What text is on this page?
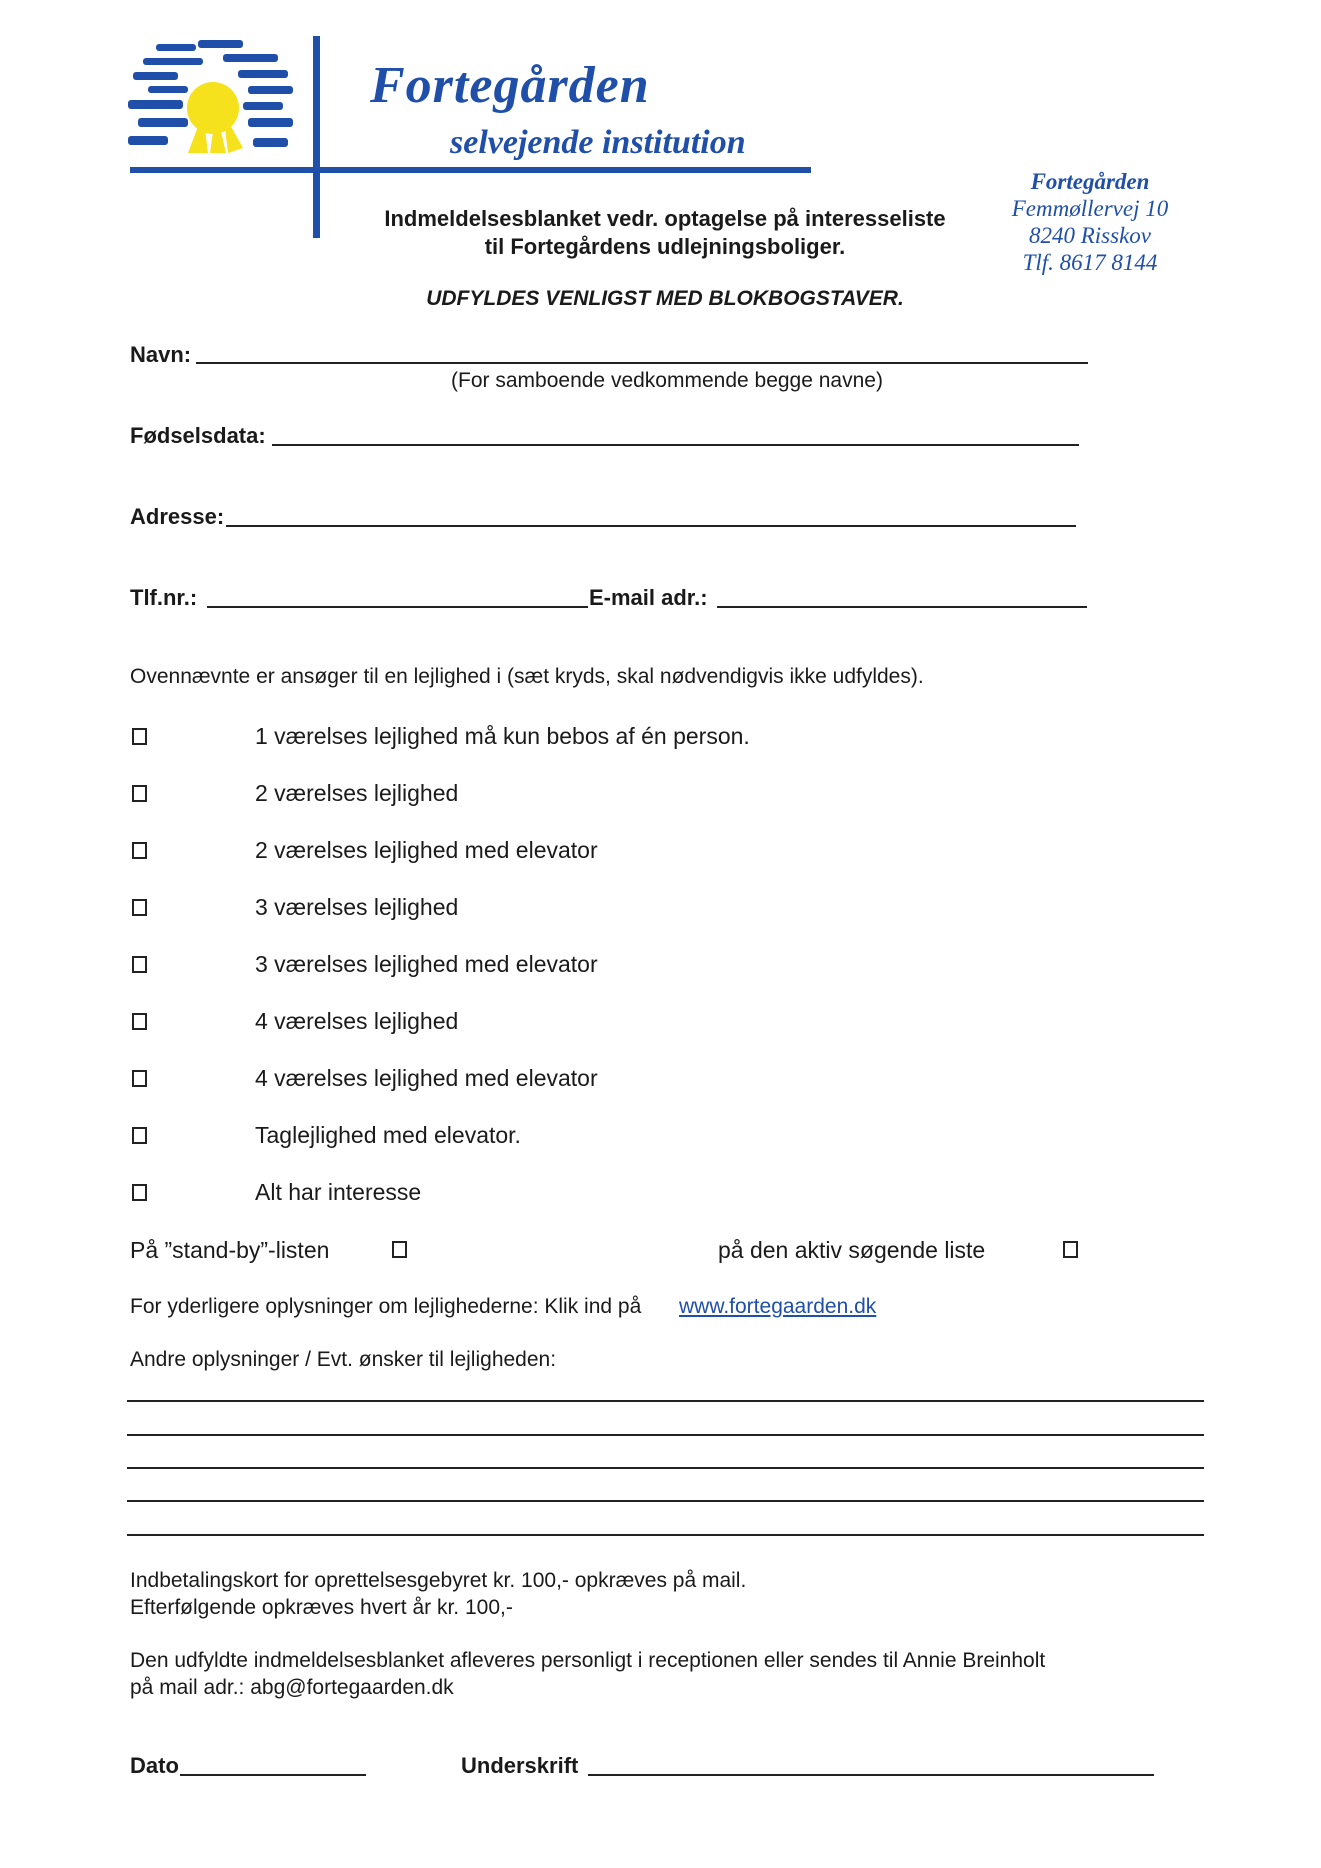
Fortegården
selvejende institution
Fortegården
Femmøllervej 10
8240 Risskov
Tlf. 8617 8144
Indmeldelsesblanket vedr. optagelse på interesseliste
til Fortegårdens udlejningsboliger.
UDFYLDES VENLIGST MED BLOKBOGSTAVER.
Navn:
(For samboende vedkommende begge navne)
Fødselsdata:
Adresse:
Tlf.nr.:	E-mail adr.:
Ovennævnte er ansøger til en lejlighed i (sæt kryds, skal nødvendigvis ikke udfyldes).
1 værelses lejlighed må kun bebos af én person.
2 værelses lejlighed
2 værelses lejlighed med elevator
3 værelses lejlighed
3 værelses lejlighed med elevator
4 værelses lejlighed
4 værelses lejlighed med elevator
Taglejlighed med elevator.
Alt har interesse
På ”stand-by”-listen	på den aktiv søgende liste
For yderligere oplysninger om lejlighederne: Klik ind på www.fortegaarden.dk
Andre oplysninger / Evt. ønsker til lejligheden:
Indbetalingskort for oprettelsesgebyret kr. 100,- opkræves på mail.
Efterfølgende opkræves hvert år kr. 100,-
Den udfyldte indmeldelsesblanket afleveres personligt i receptionen eller sendes til Annie Breinholt
på mail adr.: abg@fortegaarden.dk
Dato	Underskrift
